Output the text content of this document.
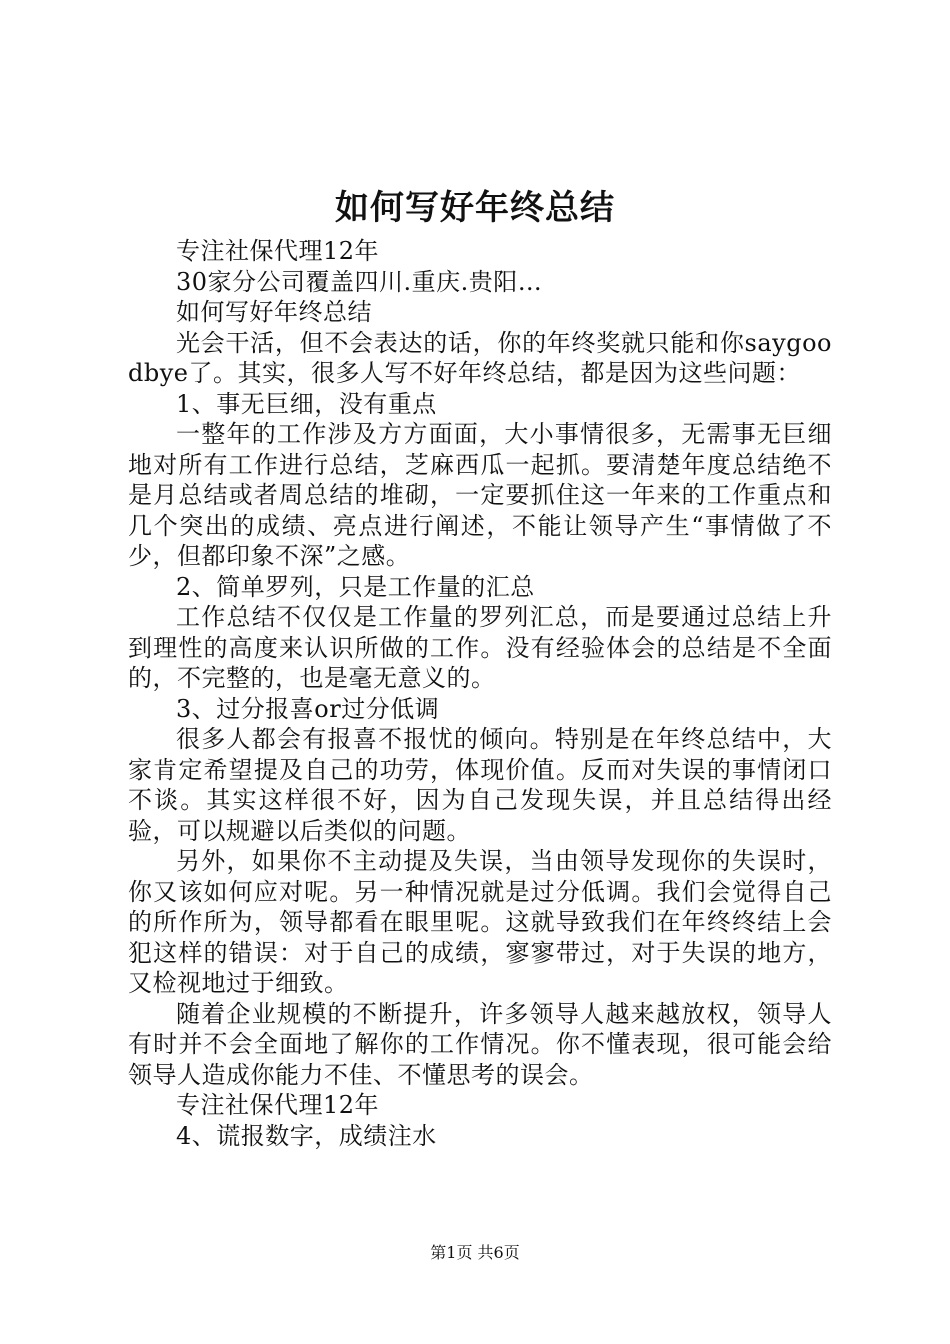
如何写好年终总结

专注社保代理12年

30家分公司覆盖四川.重庆.贵阳…

如何写好年终总结

光会干活，但不会表达的话，你的年终奖就只能和你saygoodbye了。其实，很多人写不好年终总结，都是因为这些问题：

1、事无巨细，没有重点

一整年的工作涉及方方面面，大小事情很多，无需事无巨细地对所有工作进行总结，芝麻西瓜一起抓。要清楚年度总结绝不是月总结或者周总结的堆砌，一定要抓住这一年来的工作重点和几个突出的成绩、亮点进行阐述，不能让领导产生“事情做了不少，但都印象不深”之感。

2、简单罗列，只是工作量的汇总

工作总结不仅仅是工作量的罗列汇总，而是要通过总结上升到理性的高度来认识所做的工作。没有经验体会的总结是不全面的，不完整的，也是毫无意义的。

3、过分报喜or过分低调

很多人都会有报喜不报忧的倾向。特别是在年终总结中，大家肯定希望提及自己的功劳，体现价值。反而对失误的事情闭口不谈。其实这样很不好，因为自己发现失误，并且总结得出经验，可以规避以后类似的问题。

另外，如果你不主动提及失误，当由领导发现你的失误时，你又该如何应对呢。另一种情况就是过分低调。我们会觉得自己的所作所为，领导都看在眼里呢。这就导致我们在年终终结上会犯这样的错误：对于自己的成绩，寥寥带过，对于失误的地方，又检视地过于细致。

随着企业规模的不断提升，许多领导人越来越放权，领导人有时并不会全面地了解你的工作情况。你不懂表现，很可能会给领导人造成你能力不佳、不懂思考的误会。

专注社保代理12年

4、谎报数字，成绩注水

第1页 共6页
